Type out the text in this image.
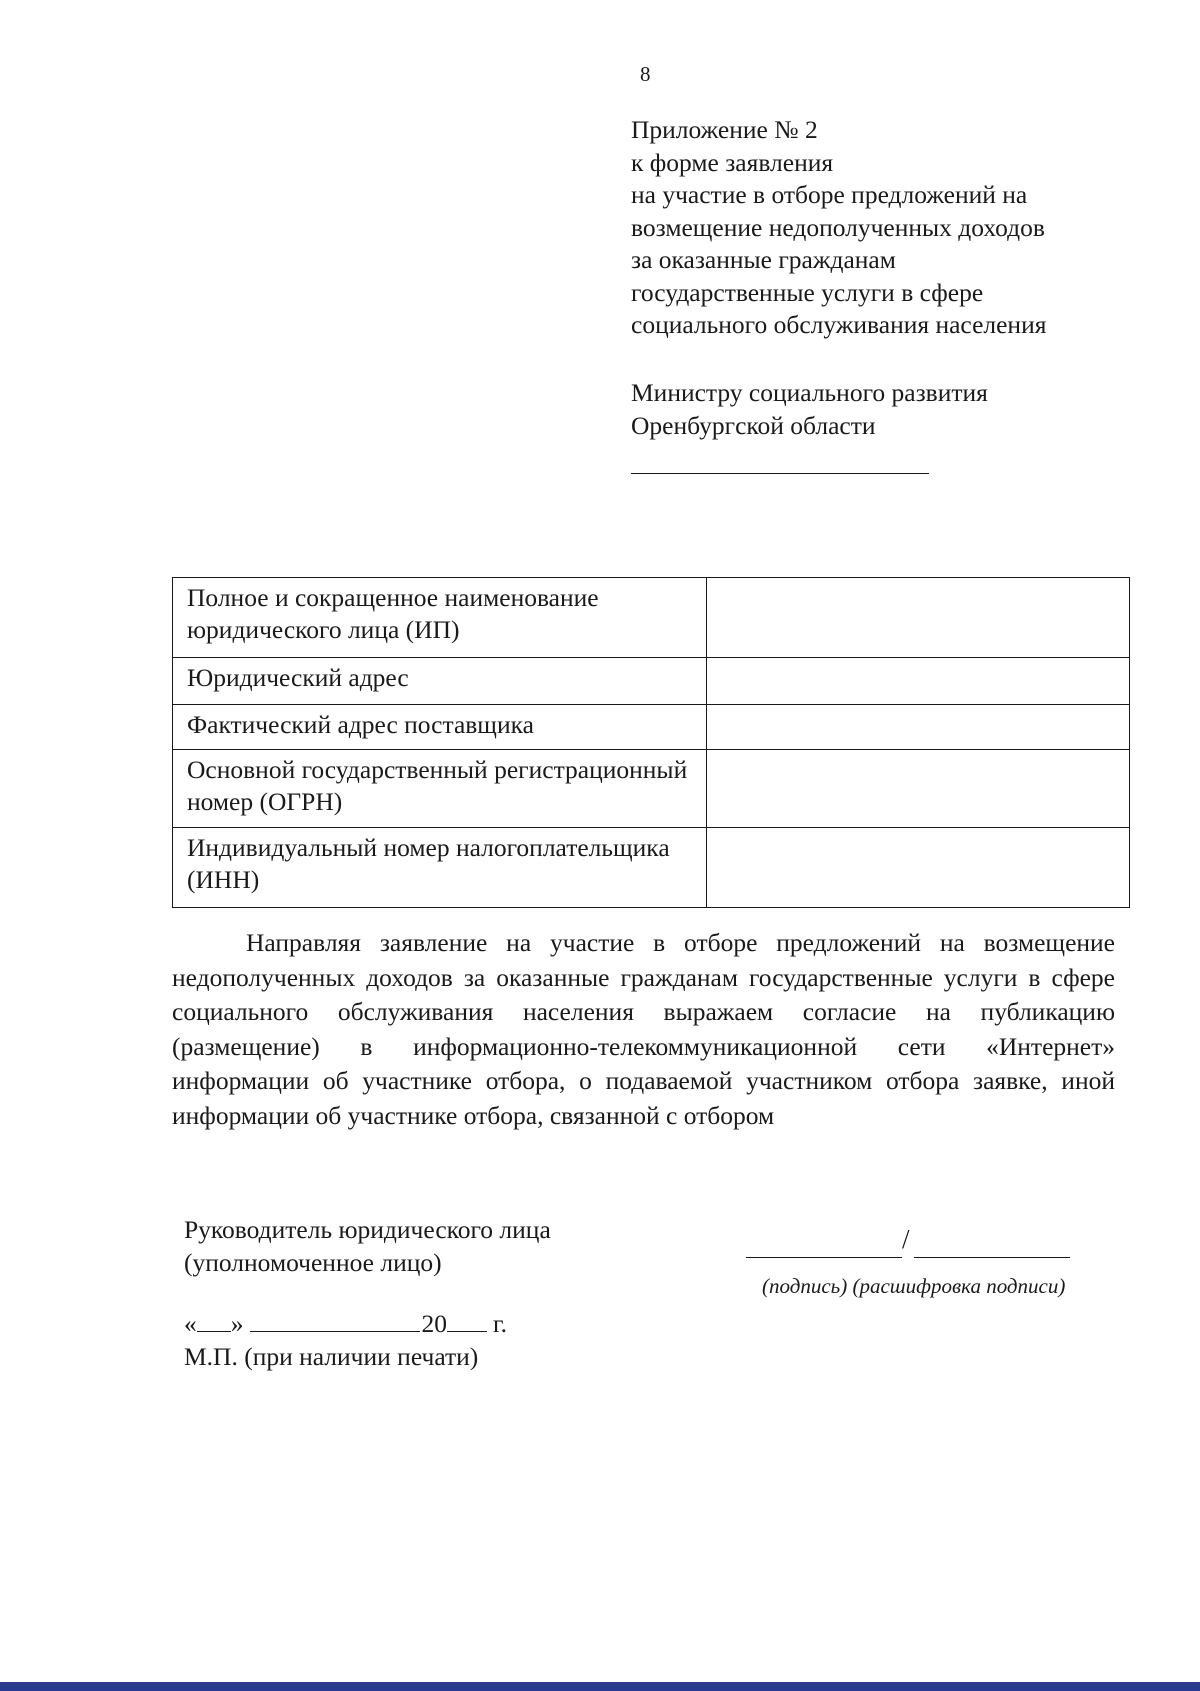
8
Приложение № 2
к форме заявления
на участие в отборе предложений на
возмещение недополученных доходов
за оказанные гражданам
государственные услуги в сфере
социального обслуживания населения
Министру социального развития
Оренбургской области
Полное и сокращенное наименование юридического лица (ИП)	
Юридический адрес	
Фактический адрес поставщика	
Основной государственный регистрационный номер (ОГРН)	
Индивидуальный номер налогоплательщика (ИНН)	
Направляя заявление на участие в отборе предложений на возмещение недополученных доходов за оказанные гражданам государственные услуги в сфере социального обслуживания населения выражаем согласие на публикацию (размещение) в информационно-телекоммуникационной сети «Интернет» информации об участнике отбора, о подаваемой участником отбора заявке, иной информации об участнике отбора, связанной с отбором
Руководитель юридического лица
(уполномоченное лицо)
/
(подпись) (расшифровка подписи)
« »	20 г.
М.П. (при наличии печати)
